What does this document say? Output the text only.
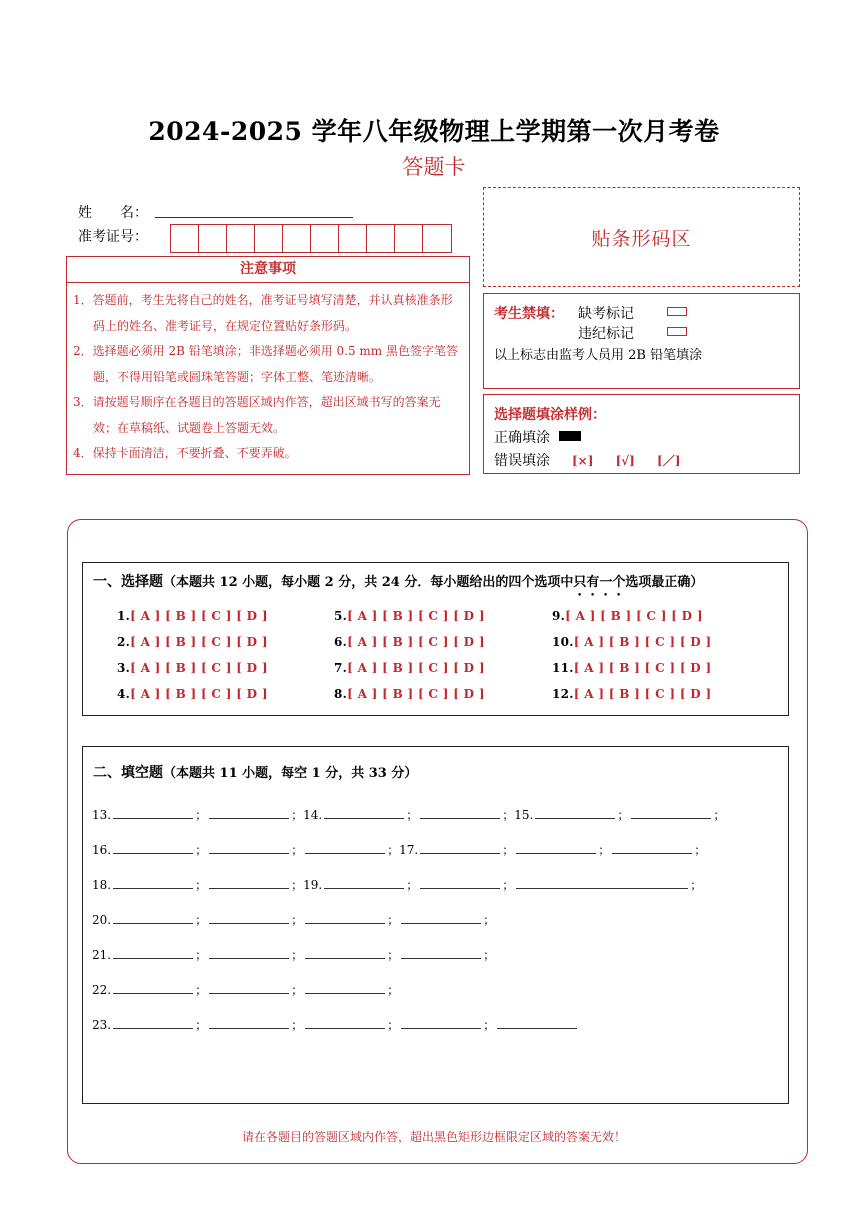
2024-2025 学年八年级物理上学期第一次月考卷
答题卡
姓　　名：
准考证号：	贴条形码区
注意事项
1．答题前，考生先将自己的姓名，准考证号填写清楚，并认真核准条形码上的姓名、准考证号，在规定位置贴好条形码。
2．选择题必须用 2B 铅笔填涂；非选择题必须用 0.5 mm 黑色签字笔答题，不得用铅笔或圆珠笔答题；字体工整、笔迹清晰。
3．请按题号顺序在各题目的答题区域内作答，超出区域书写的答案无效；在草稿纸、试题卷上答题无效。
4．保持卡面清洁，不要折叠、不要弄破。
考生禁填： 缺考标记
违纪标记
以上标志由监考人员用 2B 铅笔填涂
选择题填涂样例：
正确填涂
错误填涂 [×] [√] [／]
一、选择题（本题共 12 小题，每小题 2 分，共 24 分．每小题给出的四个选项中只有一个选项最正确）
1.[ A ] [ B ] [ C ] [ D ]
2.[ A ] [ B ] [ C ] [ D ]
3.[ A ] [ B ] [ C ] [ D ]
4.[ A ] [ B ] [ C ] [ D ]
5.[ A ] [ B ] [ C ] [ D ]
6.[ A ] [ B ] [ C ] [ D ]
7.[ A ] [ B ] [ C ] [ D ]
8.[ A ] [ B ] [ C ] [ D ]
9.[ A ] [ B ] [ C ] [ D ]
10.[ A ] [ B ] [ C ] [ D ]
11.[ A ] [ B ] [ C ] [ D ]
12.[ A ] [ B ] [ C ] [ D ]
二、填空题（本题共 11 小题，每空 1 分，共 33 分）
13.	；	；14.	；	；15.	；	；
16.	；	；	；17.	；	；	；
18.	；	；19.	；	；	；
20.	；	；	；	；
21.	；	；	；	；
22.	；	；	；
23.	；	；	；	；
请在各题目的答题区域内作答，超出黑色矩形边框限定区域的答案无效！
